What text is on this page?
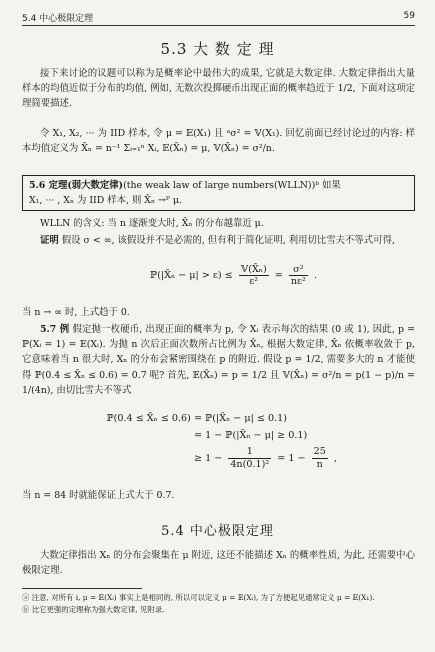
5.4 中心极限定理	59
5.3 大 数 定 理
接下来讨论的议题可以称为是概率论中最伟大的成果, 它就是大数定律. 大数定律指出大量样本的均值近似于分布的均值, 例如, 无数次投掷硬币出现正面的概率趋近于 1/2, 下面对这项定理简要描述.
令 X₁, X₂, ··· 为 IID 样本, 令 μ = 𝔼(X₁) 且 ᵃσ² = 𝕍(X₁). 回忆前面已经讨论过的内容: 样本均值定义为 X̄ₙ = n⁻¹ Σᵢ₌₁ⁿ Xᵢ, 𝔼(X̄ₙ) = μ, 𝕍(X̄ₙ) = σ²/n.
5.6 定理(弱大数定律)(the weak law of large numbers(WLLN))ᵇ 如果
X₁, ··· , Xₙ 为 IID 样本, 则 X̄ₙ →ᴾ μ.
WLLN 的含义: 当 n 逐渐变大时, X̄ₙ 的分布越靠近 μ.
证明 假设 σ < ∞, 该假设并不是必需的, 但有利于简化证明, 利用切比雪夫不等式可得,
ℙ(|X̄ₙ − $\mu| > \varepsilon) \le \frac{\text{𝕍(X̄ₙ)}}{\text{ε²}} = \frac{\text{σ²}}{\text{nε²}}$ .
当 n → ∞ 时, 上式趋于 0.
5.7 例 假定抛一枚硬币, 出现正面的概率为 p, 令 Xᵢ 表示每次的结果 (0 或 1), 因此, p = ℙ(Xᵢ = 1) = 𝔼(Xᵢ). 为抛 n 次后正面次数所占比例为 X̄ₙ, 根据大数定律, X̄ₙ 依概率收敛于 p, 它意味着当 n 很大时, Xₙ 的分布会紧密围绕在 p 的附近. 假设 p = 1/2, 需要多大的 n 才能使得 ℙ(0.4 ≤ X̄ₙ ≤ 0.6) = 0.7 呢? 首先, 𝔼(X̄ₙ) = p = 1/2 且 𝕍(X̄ₙ) = σ²/n = p(1 − p)/n = 1/(4n), 由切比雪夫不等式
ℙ(0.4 ≤ X̄ₙ ≤ 0.6) = ℙ(|X̄ₙ − μ| ≤ 0.1)
= 1 − ℙ(|X̄ₙ − μ| ≥ 0.1)
≥ $1 - \frac{1}{\text{4n(0.1)²}} = 1 - \frac{25}{n}$ ,
当 n = 84 时就能保证上式大于 0.7.
5.4 中心极限定理
大数定律指出 Xₙ 的分布会聚集在 μ 附近, 这还不能描述 Xₙ 的概率性质, 为此, 还需要中心极限定理.
ⓐ 注意, 对所有 i, μ = 𝔼(Xᵢ) 事实上是相同的, 所以可以定义 μ = 𝔼(Xᵢ), 为了方便起见通常定义 μ = 𝔼(X₁).
ⓑ 比它更强的定理称为强大数定律, 见附录.
